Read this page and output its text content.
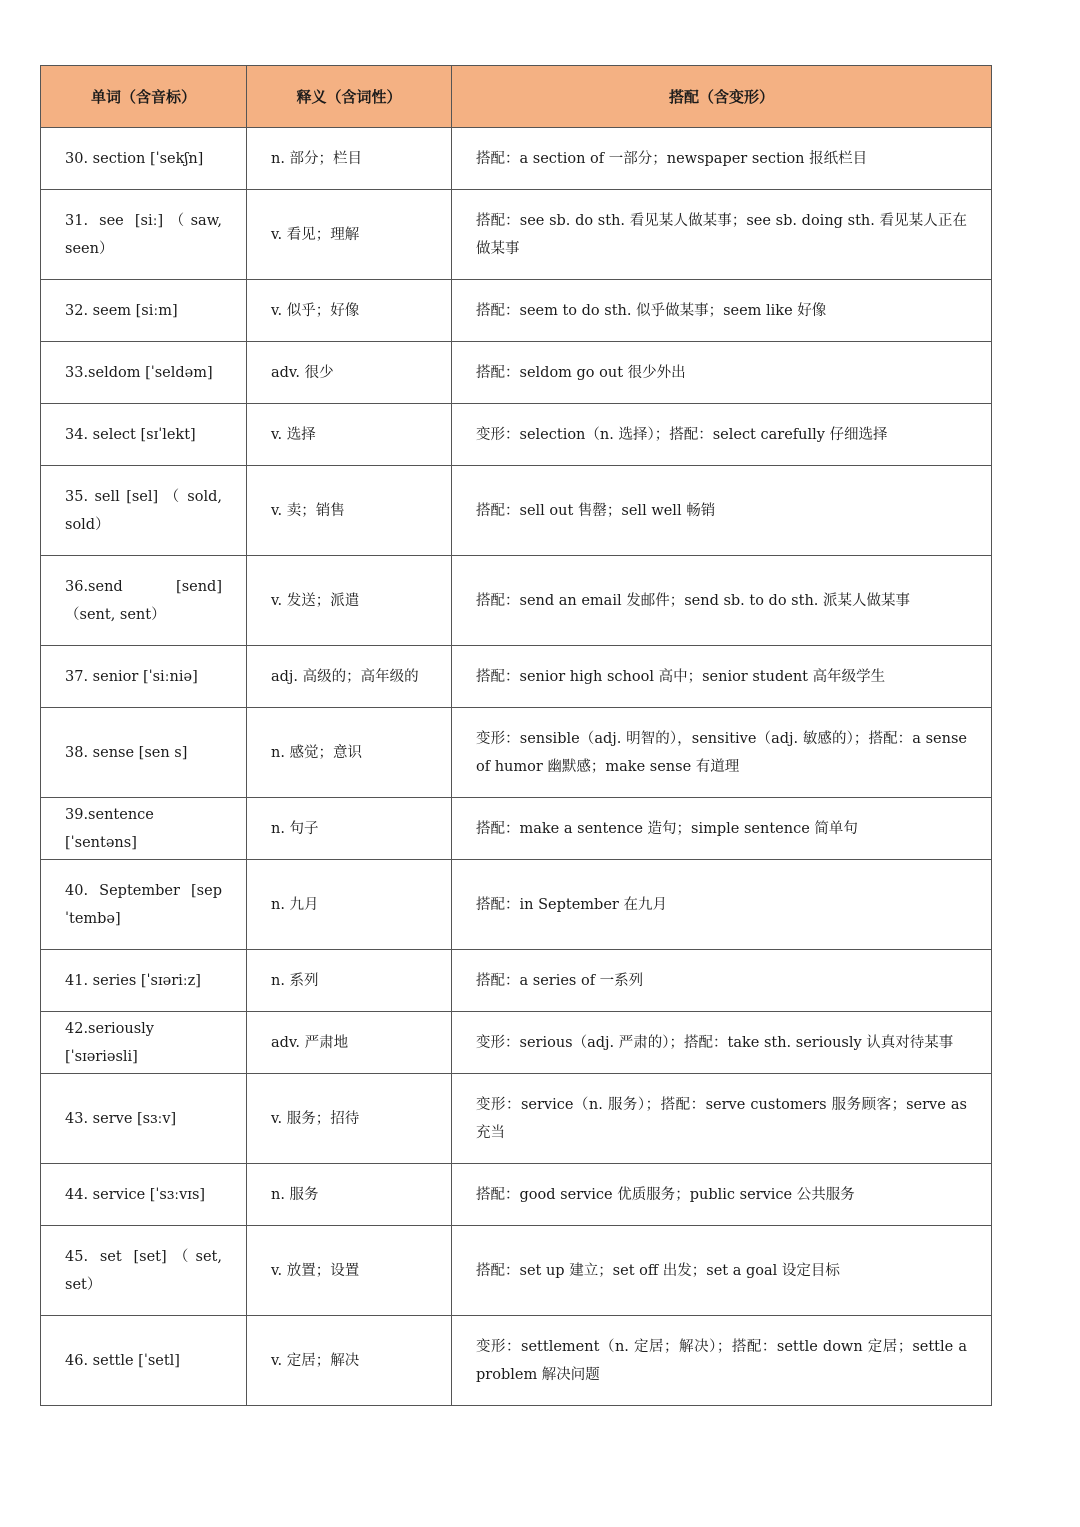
单词（含音标）	释义（含词性）	搭配（含变形）
30. section [ˈsekʃn]	n. 部分；栏目	搭配：a section of 一部分；newspaper section 报纸栏目
31. see [siː]（saw, seen）	v. 看见；理解	搭配：see sb. do sth. 看见某人做某事；see sb. doing sth. 看见某人正在做某事
32. seem [siːm]	v. 似乎；好像	搭配：seem to do sth. 似乎做某事；seem like 好像
33.seldom [ˈseldəm]	adv. 很少	搭配：seldom go out 很少外出
34. select [sɪˈlekt]	v. 选择	变形：selection（n. 选择）；搭配：select carefully 仔细选择
35. sell [sel] （ sold, sold）	v. 卖；销售	搭配：sell out 售罄；sell well 畅销
36.send [send]（sent, sent）	v. 发送；派遣	搭配：send an email 发邮件；send sb. to do sth. 派某人做某事
37. senior [ˈsiːniə]	adj. 高级的；高年级的	搭配：senior high school 高中；senior student 高年级学生
38. sense [sen s]	n. 感觉；意识	变形：sensible（adj. 明智的），sensitive（adj. 敏感的）；搭配：a sense of humor 幽默感；make sense 有道理
39.sentence [ˈsentəns]	n. 句子	搭配：make a sentence 造句；simple sentence 简单句
40. September [sepˈtembə]	n. 九月	搭配：in September 在九月
41. series [ˈsɪəriːz]	n. 系列	搭配：a series of 一系列
42.seriously [ˈsɪəriəsli]	adv. 严肃地	变形：serious（adj. 严肃的）；搭配：take sth. seriously 认真对待某事
43. serve [sɜːv]	v. 服务；招待	变形：service（n. 服务）；搭配：serve customers 服务顾客；serve as 充当
44. service [ˈsɜːvɪs]	n. 服务	搭配：good service 优质服务；public service 公共服务
45. set [set]（set, set）	v. 放置；设置	搭配：set up 建立；set off 出发；set a goal 设定目标
46. settle [ˈsetl]	v. 定居；解决	变形：settlement（n. 定居；解决）；搭配：settle down 定居；settle a problem 解决问题
